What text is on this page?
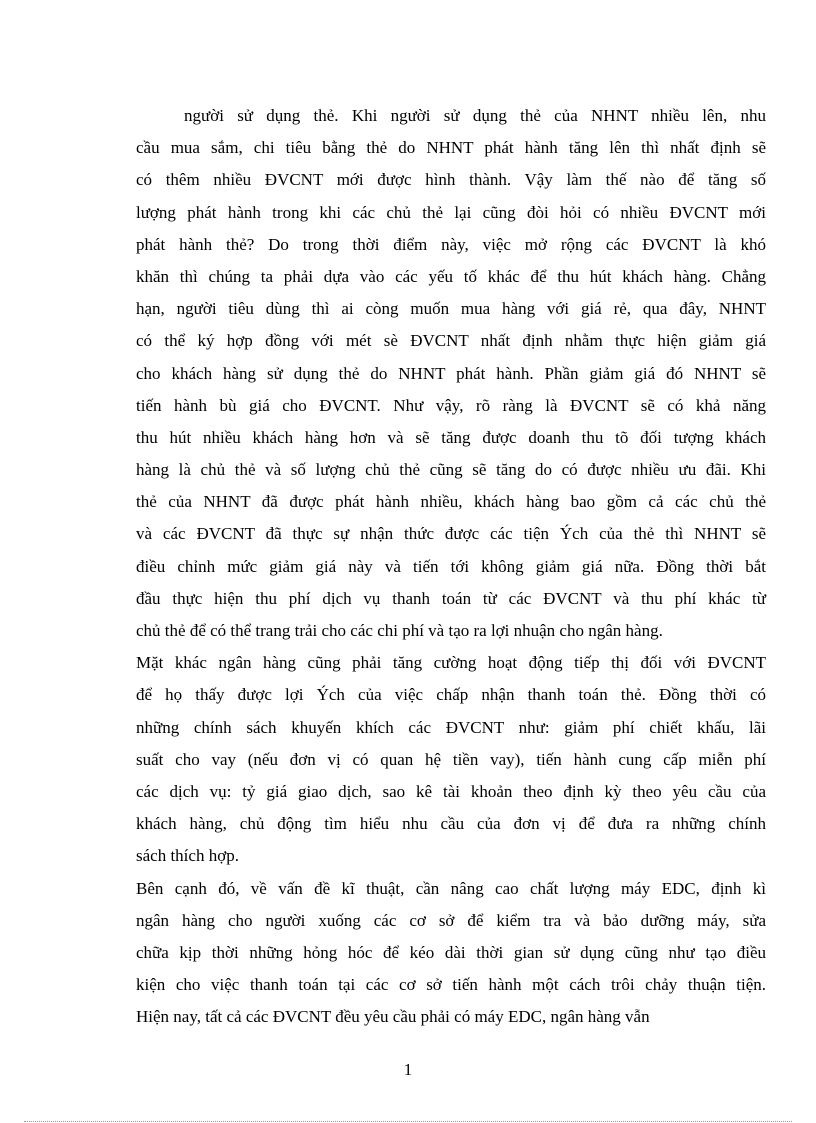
người sử dụng thẻ. Khi người sử dụng thẻ của NHNT nhiều lên, nhu
cầu mua sắm, chi tiêu bằng thẻ do NHNT phát hành tăng lên thì nhất định sẽ
có thêm nhiều ĐVCNT mới được hình thành. Vậy làm thế nào để tăng số
lượng phát hành trong khi các chủ thẻ lại cũng đòi hỏi có nhiều ĐVCNT mới
phát hành thẻ? Do trong thời điểm này, việc mở rộng các ĐVCNT là khó
khăn thì chúng ta phải dựa vào các yếu tố khác để thu hút khách hàng. Chẳng
hạn, người tiêu dùng thì ai còng muốn mua hàng với giá rẻ, qua đây, NHNT
có thể ký hợp đồng với mét sè ĐVCNT nhất định nhằm thực hiện giảm giá
cho khách hàng sử dụng thẻ do NHNT phát hành. Phần giảm giá đó NHNT sẽ
tiến hành bù giá cho ĐVCNT. Như vậy, rõ ràng là ĐVCNT sẽ có khả năng
thu hút nhiều khách hàng hơn và sẽ tăng được doanh thu tõ đối tượng khách
hàng là chủ thẻ và số lượng chủ thẻ cũng sẽ tăng do có được nhiều ưu đãi. Khi
thẻ của NHNT đã được phát hành nhiều, khách hàng bao gồm cả các chủ thẻ
và các ĐVCNT đã thực sự nhận thức được các tiện Ých của thẻ thì NHNT sẽ
điều chỉnh mức giảm giá này và tiến tới không giảm giá nữa. Đồng thời bắt
đầu thực hiện thu phí dịch vụ thanh toán từ các ĐVCNT và thu phí khác từ
chủ thẻ để có thể trang trải cho các chi phí và tạo ra lợi nhuận cho ngân hàng.
Mặt khác ngân hàng cũng phải tăng cường hoạt động tiếp thị đối với ĐVCNT
để họ thấy được lợi Ých của việc chấp nhận thanh toán thẻ. Đồng thời có
những chính sách khuyến khích các ĐVCNT như: giảm phí chiết khấu, lãi
suất cho vay (nếu đơn vị có quan hệ tiền vay), tiến hành cung cấp miễn phí
các dịch vụ: tỷ giá giao dịch, sao kê tài khoản theo định kỳ theo yêu cầu của
khách hàng, chủ động tìm hiểu nhu cầu của đơn vị để đưa ra những chính
sách thích hợp.
Bên cạnh đó, về vấn đề kĩ thuật, cần nâng cao chất lượng máy EDC, định kì
ngân hàng cho người xuống các cơ sở để kiểm tra và bảo dưỡng máy, sửa
chữa kịp thời những hỏng hóc để kéo dài thời gian sử dụng cũng như tạo điều
kiện cho việc thanh toán tại các cơ sở tiến hành một cách trôi chảy thuận tiện.
Hiện nay, tất cả các ĐVCNT đều yêu cầu phải có máy EDC, ngân hàng vẫn
1
